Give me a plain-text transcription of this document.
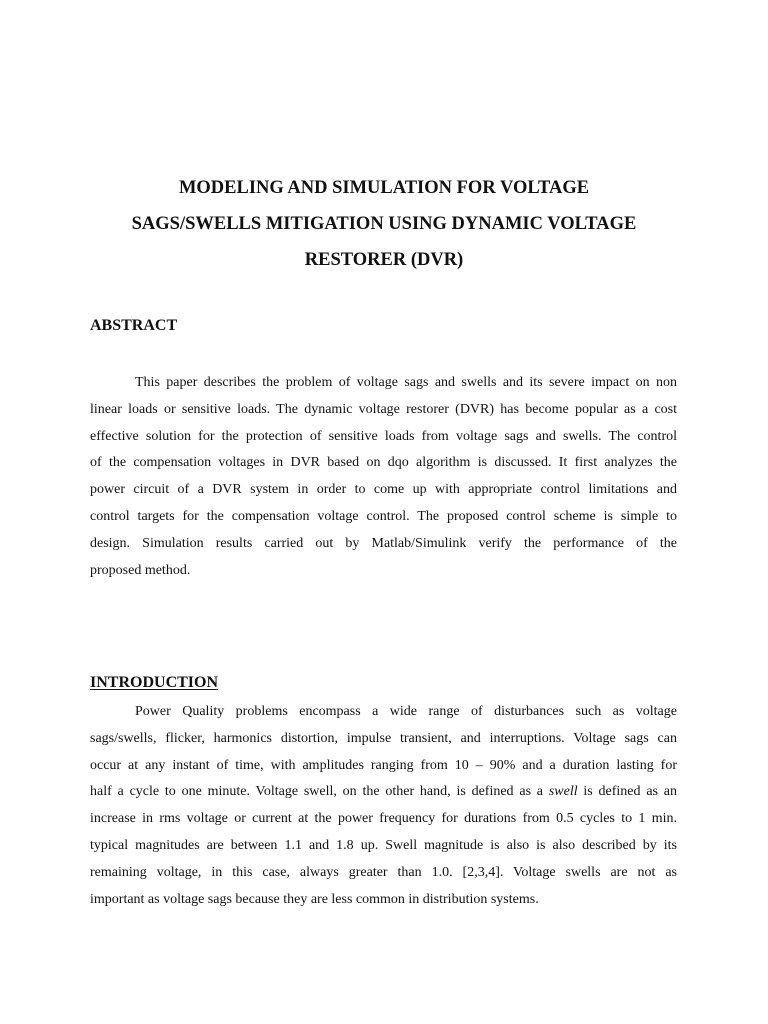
MODELING AND SIMULATION FOR VOLTAGE
SAGS/SWELLS MITIGATION USING DYNAMIC VOLTAGE
RESTORER (DVR)
ABSTRACT
This paper describes the problem of voltage sags and swells and its severe impact on non
linear loads or sensitive loads. The dynamic voltage restorer (DVR) has become popular as a cost
effective solution for the protection of sensitive loads from voltage sags and swells. The control
of the compensation voltages in DVR based on dqo algorithm is discussed. It first analyzes the
power circuit of a DVR system in order to come up with appropriate control limitations and
control targets for the compensation voltage control. The proposed control scheme is simple to
design. Simulation results carried out by Matlab/Simulink verify the performance of the
proposed method.
INTRODUCTION
Power Quality problems encompass a wide range of disturbances such as voltage
sags/swells, flicker, harmonics distortion, impulse transient, and interruptions. Voltage sags can
occur at any instant of time, with amplitudes ranging from 10 – 90% and a duration lasting for
half a cycle to one minute. Voltage swell, on the other hand, is defined as a swell is defined as an
increase in rms voltage or current at the power frequency for durations from 0.5 cycles to 1 min.
typical magnitudes are between 1.1 and 1.8 up. Swell magnitude is also is also described by its
remaining voltage, in this case, always greater than 1.0. [2,3,4]. Voltage swells are not as
important as voltage sags because they are less common in distribution systems.
